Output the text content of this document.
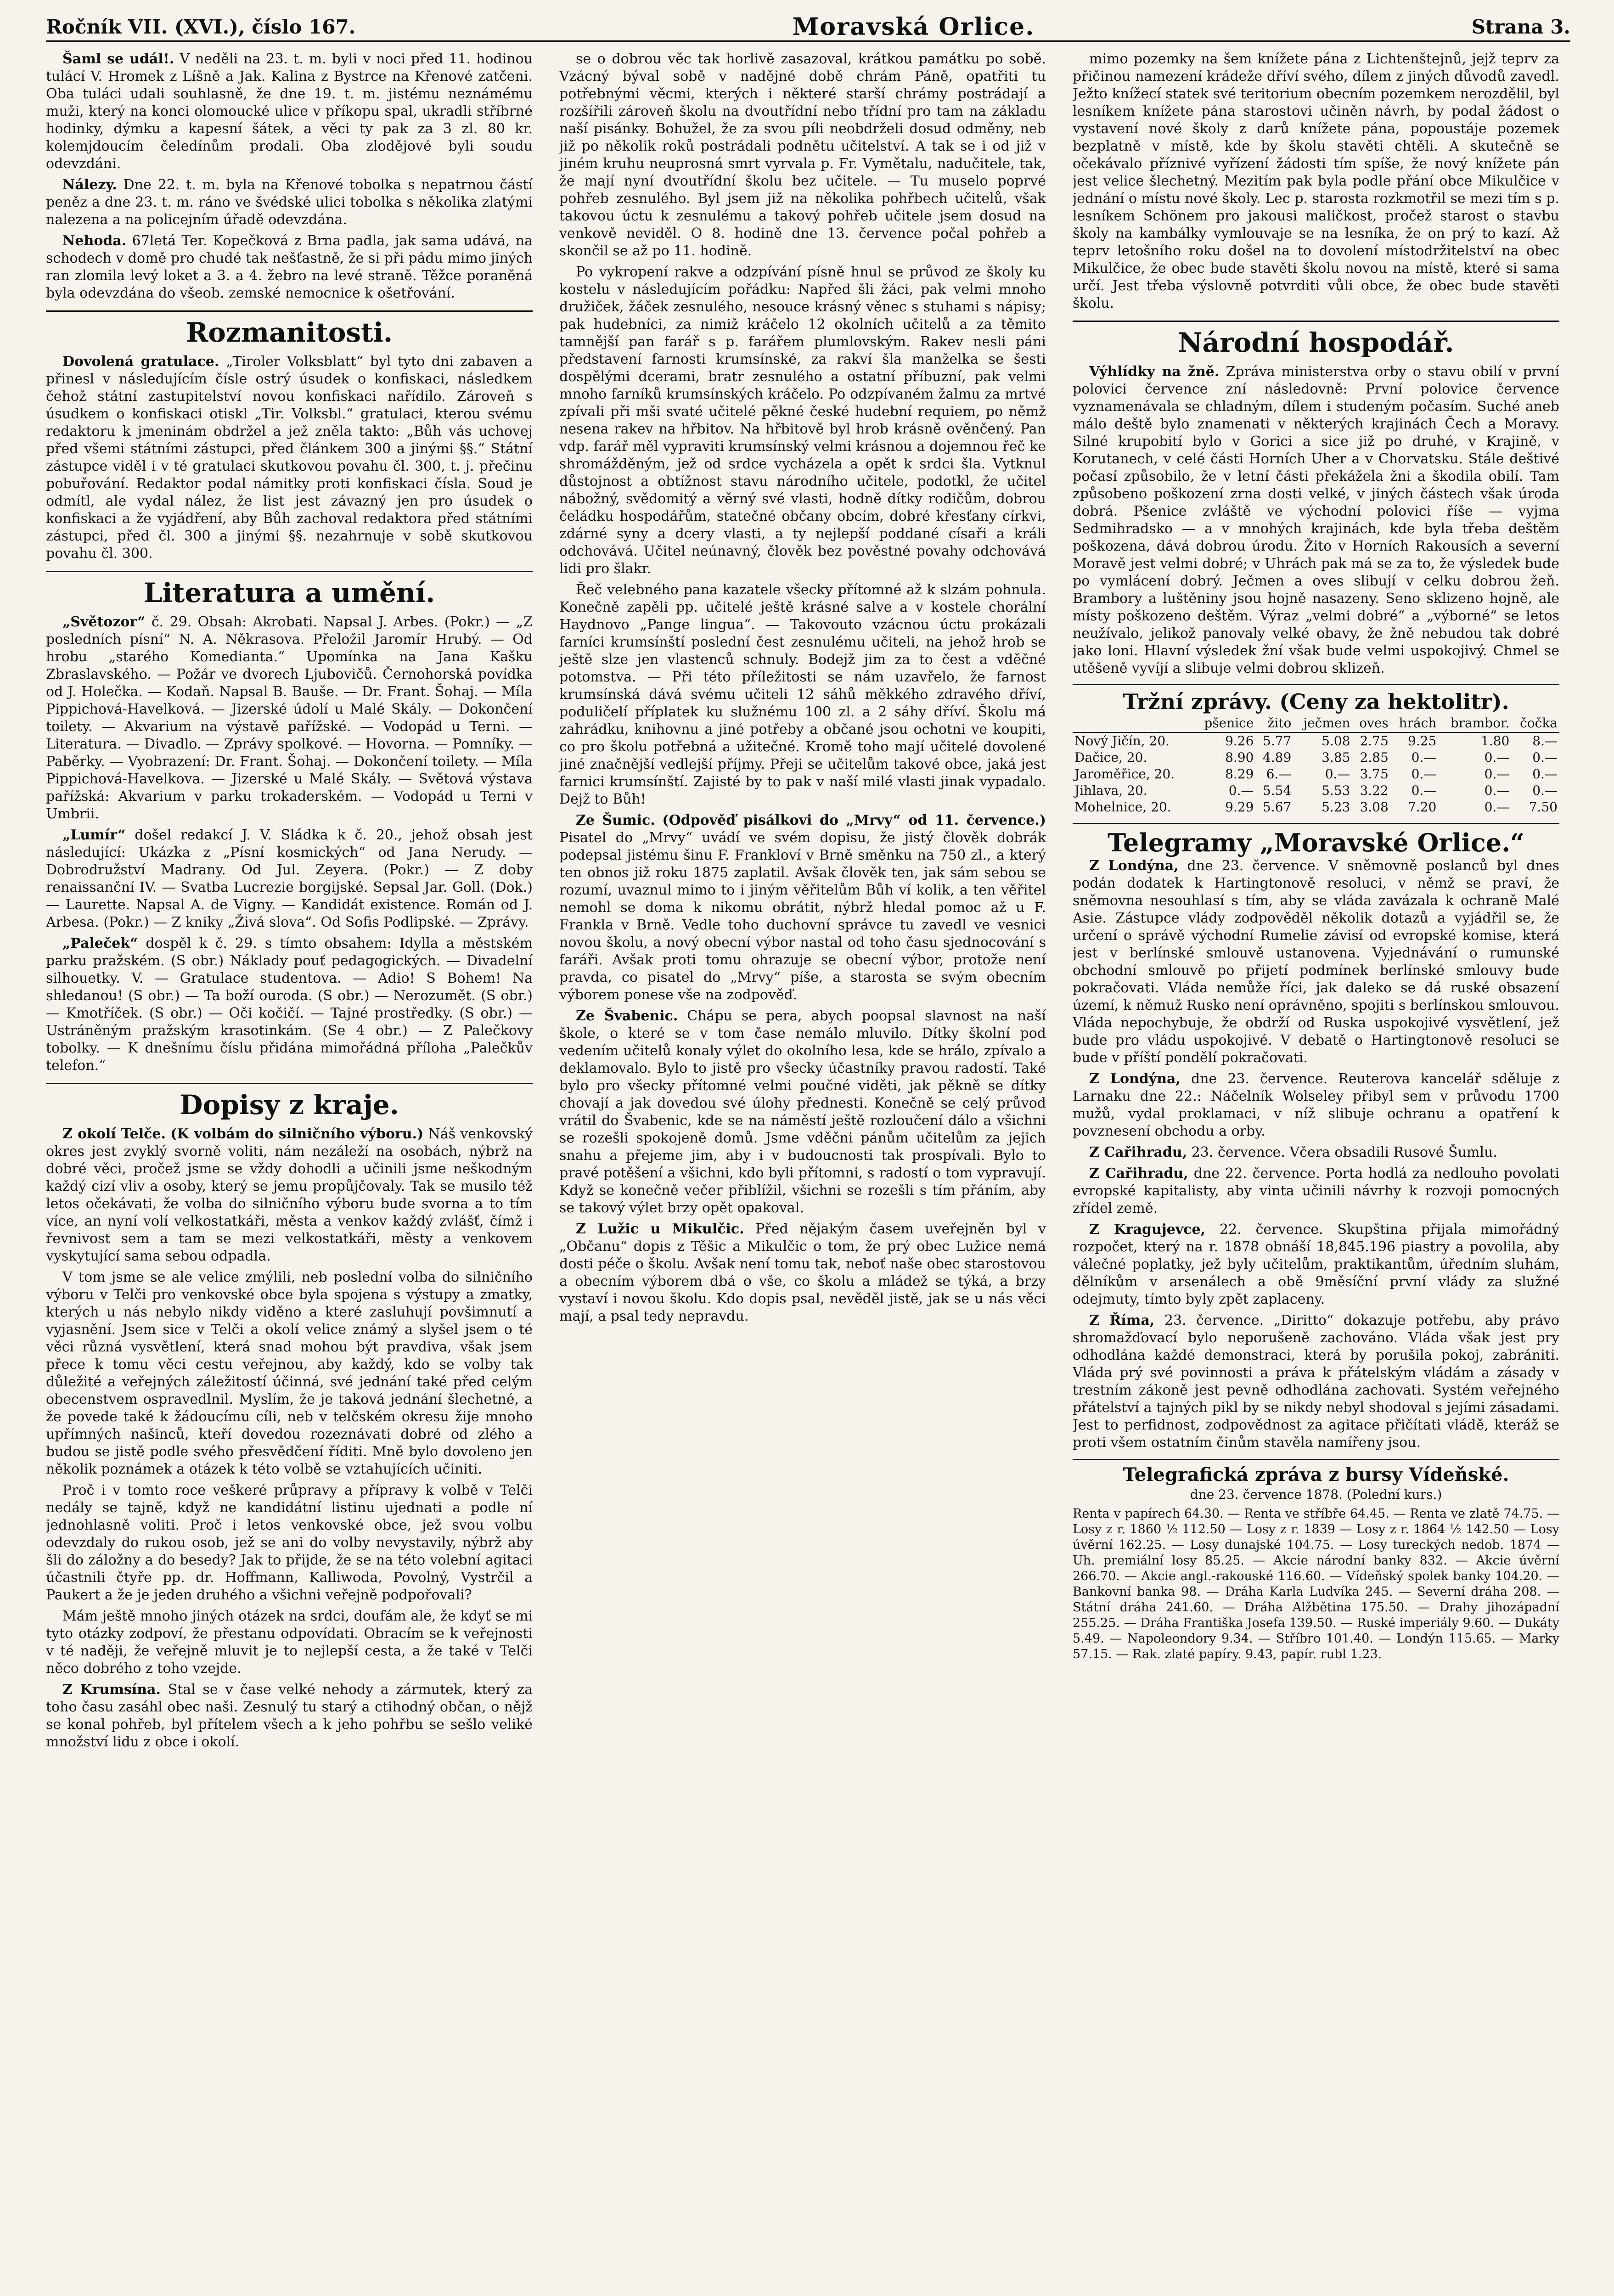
Ročník VII. (XVI.), číslo 167.	Moravská Orlice.	Strana 3.

Šaml se udál!. V neděli na 23. t. m. byli v noci před 11. hodinou tulácí V. Hromek z Líšně a Jak. Kalina z Bystrce na Křenové zatčeni. Oba tuláci udali souhlasně, že dne 19. t. m. jistému neznámému muži, který na konci olomoucké ulice v příkopu spal, ukradli stříbrné hodinky, dýmku a kapesní šátek, a věci ty pak za 3 zl. 80 kr. kolemjdoucím čeledínům prodali. Oba zlodějové byli soudu odevzdáni.

Nálezy. Dne 22. t. m. byla na Křenové tobolka s nepatrnou částí peněz a dne 23. t. m. ráno ve švédské ulici tobolka s několika zlatými nalezena a na policejním úřadě odevzdána.

Nehoda. 67letá Ter. Kopečková z Brna padla, jak sama udává, na schodech v domě pro chudé tak nešťastně, že si při pádu mimo jiných ran zlomila levý loket a 3. a 4. žebro na levé straně. Těžce poraněná byla odevzdána do všeob. zemské nemocnice k ošetřování.

Rozmanitosti.

Dovolená gratulace. „Tiroler Volksblatt“ byl tyto dni zabaven a přinesl v následujícím čísle ostrý úsudek o konfiskaci, následkem čehož státní zastupitelství novou konfiskaci nařídilo. Zároveň s úsudkem o konfiskaci otiskl „Tir. Volksbl.“ gratulaci, kterou svému redaktoru k jmeninám obdržel a jež zněla takto: „Bůh vás uchovej před všemi státními zástupci, před článkem 300 a jinými §§.“ Státní zástupce viděl i v té gratulaci skutkovou povahu čl. 300, t. j. přečinu pobuřování. Redaktor podal námitky proti konfiskaci čísla. Soud je odmítl, ale vydal nález, že list jest závazný jen pro úsudek o konfiskaci a že vyjádření, aby Bůh zachoval redaktora před státními zástupci, před čl. 300 a jinými §§. nezahrnuje v sobě skutkovou povahu čl. 300.

Literatura a umění.

„Světozor“ č. 29. Obsah: Akrobati. Napsal J. Arbes. (Pokr.) — „Z posledních písní“ N. A. Někrasova. Přeložil Jaromír Hrubý. — Od hrobu „starého Komedianta.“ Upomínka na Jana Kašku Zbraslavského. — Požár ve dvorech Ljubovičů. Černohorská povídka od J. Holečka. — Kodaň. Napsal B. Bauše. — Dr. Frant. Šohaj. — Míla Pippichová-Havelková. — Jizerské údolí u Malé Skály. — Dokončení toilety. — Akvarium na výstavě pařížské. — Vodopád u Terni. — Literatura. — Divadlo. — Zprávy spolkové. — Hovorna. — Pomníky. — Paběrky. — Vyobrazení: Dr. Frant. Šohaj. — Dokončení toilety. — Míla Pippichová-Havelkova. — Jizerské u Malé Skály. — Světová výstava pařížská: Akvarium v parku trokaderském. — Vodopád u Terni v Umbrii.

„Lumír“ došel redakcí J. V. Sládka k č. 20., jehož obsah jest následující: Ukázka z „Písní kosmických“ od Jana Nerudy. — Dobrodružství Madrany. Od Jul. Zeyera. (Pokr.) — Z doby renaissanční IV. — Svatba Lucrezie borgijské. Sepsal Jar. Goll. (Dok.) — Laurette. Napsal A. de Vigny. — Kandidát existence. Román od J. Arbesa. (Pokr.) — Z kniky „Živá slova“. Od Sofis Podlipské. — Zprávy.

„Paleček“ dospěl k č. 29. s tímto obsahem: Idylla a městském parku pražském. (S obr.) Náklady pouť pedagogických. — Divadelní silhouetky. V. — Gratulace studentova. — Adio! S Bohem! Na shledanou! (S obr.) — Ta boží ourodа. (S obr.) — Nerozumět. (S obr.) — Kmotříček. (S obr.) — Oči kočičí. — Tajné prostředky. (S obr.) — Ustráněným pražským krasotinkám. (Se 4 obr.) — Z Palečkovy tobolky. — K dnešnímu číslu přidána mimořádná příloha „Palečkův telefon.“

Dopisy z kraje.

Z okolí Telče. (K volbám do silničního výboru.) Náš venkovský okres jest zvyklý svorně voliti, nám nezáleží na osobách, nýbrž na dobré věci, pročež jsme se vždy dohodli a učinili jsme neškodným každý cizí vliv a osoby, který se jemu propůjčovaly. Tak se musilo též letos očekávati, že volba do silničního výboru bude svorna a to tím více, an nyní volí velkostatkáři, města a venkov každý zvlášť, čímž i řevnivost sem a tam se mezi velkostatkáři, městy a venkovem vyskytující sama sebou odpadla.

V tom jsme se ale velice zmýlili, neb poslední volba do silničního výboru v Telči pro venkovské obce byla spojena s výstupy a zmatky, kterých u nás nebylo nikdy viděno a které zasluhují povšimnutí a vyjasnění. Jsem sice v Telči a okolí velice známý a slyšel jsem o té věci různá vysvětlení, která snad mohou být pravdiva, však jsem přece k tomu věci cestu veřejnou, aby každý, kdo se volby tak důležité a veřejných záležitostí účinná, své jednání také před celým obecenstvem ospravedlnil. Myslím, že je taková jednání šlechetné, a že povede také k žádoucímu cíli, neb v telčském okresu žije mnoho upřímných našinců, kteří dovedou rozeznávati dobré od zlého a budou se jistě podle svého přesvědčení říditi. Mně bylo dovoleno jen několik poznámek a otázek k této volbě se vztahujících učiniti.

Proč i v tomto roce veškeré průpravy a přípravy k volbě v Telči nedály se tajně, když ne kandidátní listinu ujednati a podle ní jednohlasně voliti. Proč i letos venkovské obce, jež svou volbu odevzdaly do rukou osob, jež se ani do volby nevystavily, nýbrž aby šli do záložny a do besedy? Jak to přijde, že se na této volební agitaci účastnili čtyře pp. dr. Hoffmann, Kalliwoda, Povolný, Vystrčil a Paukert a že je jeden druhého a všichni veřejně podpořovali?

Mám ještě mnoho jiných otázek na srdci, doufám ale, že kdyť se mi tyto otázky zodpoví, že přestanu odpovídati. Obracím se k veřejnosti v té naději, že veřejně mluvit je to nejlepší cesta, a že také v Telči něco dobrého z toho vzejde.

Z Krumsína. Stal se v čase velké nehody a zármutek, který za toho času zasáhl obec naši. Zesnulý tu starý a ctihodný občan, o nějž se konal pohřeb, byl přítelem všech a k jeho pohřbu se sešlo veliké množství lidu z obce i okolí.

se o dobrou věc tak horlivě zasazoval, krátkou památku po sobě. Vzácný býval sobě v nadějné době chrám Páně, opatřiti tu potřebnými věcmi, kterých i některé starší chrámy postrádají a rozšířili zároveň školu na dvoutřídní nebo třídní pro tam na základu naší pisánky. Bohužel, že za svou píli neobdrželi dosud odměny, neb již po několik roků postrádali podnětu učitelství. A tak se i od již v jiném kruhu neuprosná smrt vyrvala p. Fr. Vymětalu, nadučitele, tak, že mají nyní dvoutřídní školu bez učitele. — Tu muselo poprvé pohřeb zesnulého. Byl jsem již na několika pohřbech učitelů, však takovou úctu k zesnulému a takový pohřeb učitele jsem dosud na venkově neviděl. O 8. hodině dne 13. července počal pohřeb a skončil se až po 11. hodině.

Po vykropení rakve a odzpívání písně hnul se průvod ze školy ku kostelu v následujícím pořádku: Napřed šli žáci, pak velmi mnoho družiček, žáček zesnulého, nesouce krásný věnec s stuhami s nápisy; pak hudebníci, za nimiž kráčelo 12 okolních učitelů a za těmito tamnější pan farář s p. farářem plumlovským. Rakev nesli páni představení farnosti krumsínské, za rakví šla manželka se šesti dospělými dcerami, bratr zesnulého a ostatní příbuzní, pak velmi mnoho farníků krumsínských kráčelo. Po odzpívaném žalmu za mrtvé zpívali při mši svaté učitelé pěkné české hudební requiem, po němž nesena rakev na hřbitov. Na hřbitově byl hrob krásně ověnčený. Pan vdp. farář měl vypraviti krumsínský velmi krásnou a dojemnou řeč ke shromážděným, jež od srdce vycházela a opět k srdci šla. Vytknul důstojnost a obtížnost stavu národního učitele, podotkl, že učitel nábožný, svědomitý a věrný své vlasti, hodně dítky rodičům, dobrou čeládku hospodářům, statečné občany obcím, dobré křesťany církvi, zdárné syny a dcery vlasti, a ty nejlepší poddané císaři a králi odchovává. Učitel neúnavný, člověk bez pověstné povahy odchovává lidi pro šlakr.

Řeč velebného pana kazatele všecky přítomné až k slzám pohnula. Konečně zapěli pp. učitelé ještě krásné salve a v kostele chorální Haydnovo „Pange lingua“. — Takovouto vzácnou úctu prokázali farníci krumsínští poslední čest zesnulému učiteli, na jehož hrob se ještě slze jen vlastenců schnuly. Bodejž jim za to čest a vděčné potomstva. — Při této příležitosti se nám uzavřelo, že farnost krumsínská dává svému učiteli 12 sáhů měkkého zdravého dříví, poduličelí příplatek ku služnému 100 zl. a 2 sáhy dříví. Školu má zahrádku, knihovnu a jiné potřeby a občané jsou ochotni ve koupiti, co pro školu potřebná a užitečné. Kromě toho mají učitelé dovolené jiné značnější vedlejší příjmy. Přeji se učitelům takové obce, jaká jest farnici krumsínští. Zajisté by to pak v naší milé vlasti jinak vypadalo. Dejž to Bůh!

Ze Šumic. (Odpověď pisálkovi do „Mrvy“ od 11. července.) Pisatel do „Mrvy“ uvádí ve svém dopisu, že jistý člověk dobrák podepsal jistému šinu F. Frankloví v Brně směnku na 750 zl., a který ten obnos již roku 1875 zaplatil. Avšak člověk ten, jak sám sebou se rozumí, uvaznul mimo to i jiným věřitelům Bůh ví kolik, a ten věřitel nemohl se doma k nikomu obrátit, nýbrž hledal pomoc až u F. Franklа v Brně. Vedle toho duchovní správce tu zavedl ve vesnici novou školu, a nový obecní výbor nastal od toho času sjednocování s faráři. Avšak proti tomu ohrazuje se obecní výbor, protože není pravda, co pisatel do „Mrvy“ píše, a starosta se svým obecním výborem ponese vše na zodpověď.

Ze Švabenic. Chápu se pera, abych poopsal slavnost na naší škole, o které se v tom čase nemálo mluvilo. Dítky školní pod vedením učitelů konaly výlet do okolního lesa, kde se hrálo, zpívalo a deklamovalo. Bylo to jistě pro všecky účastníky pravou radostí. Také bylo pro všecky přítomné velmi poučné viděti, jak pěkně se dítky chovají a jak dovedou své úlohy přednesti. Konečně se celý průvod vrátil do Švabenic, kde se na náměstí ještě rozloučení dálo a všichni se rozešli spokojeně domů. Jsme vděčni pánům učitelům za jejich snahu a přejeme jim, aby i v budoucnosti tak prospívali. Bylo to pravé potěšení a všichni, kdo byli přítomni, s radostí o tom vypravují. Když se konečně večer přiblížil, všichni se rozešli s tím přáním, aby se takový výlet brzy opět opakoval.

Z Lužic u Mikulčic. Před nějakým časem uveřejněn byl v „Občanu“ dopis z Těšic a Mikulčic o tom, že prý obec Lužice nemá dosti péče o školu. Avšak není tomu tak, neboť naše obec starostovou a obecním výborem dbá o vše, co školu a mládež se týká, a brzy vystaví i novou školu. Kdo dopis psal, nevěděl jistě, jak se u nás věci mají, a psal tedy nepravdu.

mimo pozemky na šem knížete pána z Lichtenštejnů, jejž teprv za přičinou namezení krádeže dříví svého, dílem z jiných důvodů zavedl. Ježto knížecí statek své teritorium obecním pozemkem nerozdělil, byl lesníkem knížete pána starostovi učiněn návrh, by podal žádost o vystavení nové školy z darů knížete pána, popoustáje pozemek bezplatně v místě, kde by školu stavěti chtěli. A skutečně se očekávalo příznivé vyřízení žádosti tím spíše, že nový knížete pán jest velice šlechetný. Mezitím pak byla podle přání obce Mikulčice v jednání o místu nové školy. Lec p. starosta rozkmotřil se mezi tím s p. lesníkem Schönem pro jakousi maličkost, pročež starost o stavbu školy na kambálky vymlouvaje se na lesníka, že on prý to kazí. Až teprv letošního roku došel na to dovolení místodržitelství na obec Mikulčice, že obec bude stavěti školu novou na místě, které si sama určí. Jest třeba výslovně potvrditi vůli obce, že obec bude stavěti školu.

Národní hospodář.

Výhlídky na žně. Zpráva ministerstva orby o stavu obilí v první polovici července zní následovně: První polovice července vyznamenávala se chladným, dílem i studeným počasím. Suché aneb málo deště bylo znamenati v některých krajinách Čech a Moravy. Silné krupobití bylo v Gorici a sice již po druhé, v Krajině, v Korutanech, v celé části Horních Uher a v Chorvatsku. Stále deštivé počasí způsobilo, že v letní části překážela žni a škodila obilí. Tam způsobeno poškození zrna dosti velké, v jiných částech však úroda dobrá. Pšenice zvláště ve východní polovici říše — vyjma Sedmihradsko — a v mnohých krajinách, kde byla třeba deštěm poškozena, dává dobrou úrodu. Žito v Horních Rakousích a severní Moravě jest velmi dobré; v Uhrách pak má se za to, že výsledek bude po vymlácení dobrý. Ječmen a oves slibují v celku dobrou žeň. Brambory a luštěniny jsou hojně nasazeny. Seno sklizeno hojně, ale místy poškozeno deštěm. Výraz „velmi dobré“ a „výborné“ se letos neužívalo, jelikož panovaly velké obavy, že žně nebudou tak dobré jako loni. Hlavní výsledek žní však bude velmi uspokojivý. Chmel se utěšeně vyvíjí a slibuje velmi dobrou sklizeň.

Tržní zprávy. (Ceny za hektolitr).
	pšenice	žito	ječmen	oves	hrách	brambor.	čočka
Nový Jičín, 20.	9.26	5.77	5.08	2.75	9.25	1.80	8.—
Dačice, 20.	8.90	4.89	3.85	2.85	0.—	0.—	0.—
Jaroměřice, 20.	8.29	6.—	0.—	3.75	0.—	0.—	0.—
Jihlava, 20.	0.—	5.54	5.53	3.22	0.—	0.—	0.—
Mohelnice, 20.	9.29	5.67	5.23	3.08	7.20	0.—	7.50
Telegramy „Moravské Orlice.“

Z Londýna, dne 23. července. V sněmovně poslanců byl dnes podán dodatek k Hartingtonově resoluci, v němž se praví, že sněmovna nesouhlasí s tím, aby se vláda zavázala k ochraně Malé Asie. Zástupce vlády zodpověděl několik dotazů a vyjádřil se, že určení o správě východní Rumelie závisí od evropské komise, která jest v berlínské smlouvě ustanovena. Vyjednávání o rumunské obchodní smlouvě po přijetí podmínek berlínské smlouvy bude pokračovati. Vláda nemůže říci, jak daleko se dá ruské obsazení území, k němuž Rusko není oprávněno, spojiti s berlínskou smlouvou. Vláda nepochybuje, že obdrží od Ruska uspokojivé vysvětlení, jež bude pro vládu uspokojivé. V debatě o Hartingtonově resoluci se bude v příští pondělí pokračovati.

Z Londýna, dne 23. července. Reuterova kancelář sděluje z Larnaku dne 22.: Náčelník Wolseley přibyl sem v průvodu 1700 mužů, vydal proklamaci, v níž slibuje ochranu a opatření k povznesení obchodu a orby.

Z Cařihradu, 23. července. Včera obsadili Rusové Šumlu.

Z Cařihradu, dne 22. července. Porta hodlá za nedlouho povolati evropské kapitalisty, aby vinta učinili návrhy k rozvoji pomocných zřídel země.

Z Kragujevce, 22. července. Skupština přijala mimořádný rozpočet, který na r. 1878 obnáší 18,845.196 piastry a povolila, aby válečné poplatky, jež byly učitelům, praktikantům, úředním sluhám, dělníkům v arsenálech a obě 9měsíční první vlády za služné odejmuty, tímto byly zpět zaplaceny.

Z Říma, 23. července. „Diritto“ dokazuje potřebu, aby právo shromažďovací bylo neporušeně zachováno. Vláda však jest pry odhodlána každé demonstraci, která by porušila pokoj, zabrániti. Vláda prý své povinnosti a práva k přátelským vládám a zásady v trestním zákoně jest pevně odhodlána zachovati. Systém veřejného přátelství a tajných pikl by se nikdy nebyl shodoval s jejími zásadami. Jest to perfidnost, zodpovědnost za agitace přičítati vládě, kteráž se proti všem ostatním činům stavěla namířeny jsou.

Telegrafická zpráva z bursy Vídeňské.
dne 23. července 1878. (Polední kurs.)

Renta v papírech 64.30. — Renta ve stříbře 64.45. — Renta ve zlatě 74.75. — Losy z r. 1860 ½ 112.50 — Losy z r. 1839 — Losy z r. 1864 ½ 142.50 — Losy úvěrní 162.25. — Losy dunajské 104.75. — Losy tureckých nedob. 1874 — Uh. premiální losy 85.25. — Akcie národní banky 832. — Akcie úvěrní 266.70. — Akcie angl.-rakouské 116.60. — Vídeňský spolek banky 104.20. — Bankovní banka 98. — Dráha Karla Ludvíka 245. — Severní dráha 208. — Státní dráha 241.60. — Dráha Alžbětina 175.50. — Drahy jihozápadní 255.25. — Dráha Františka Josefa 139.50. — Ruské imperiály 9.60. — Dukáty 5.49. — Napoleondory 9.34. — Stříbro 101.40. — Londýn 115.65. — Marky 57.15. — Rak. zlaté papíry. 9.43, papír. rubl 1.23.
